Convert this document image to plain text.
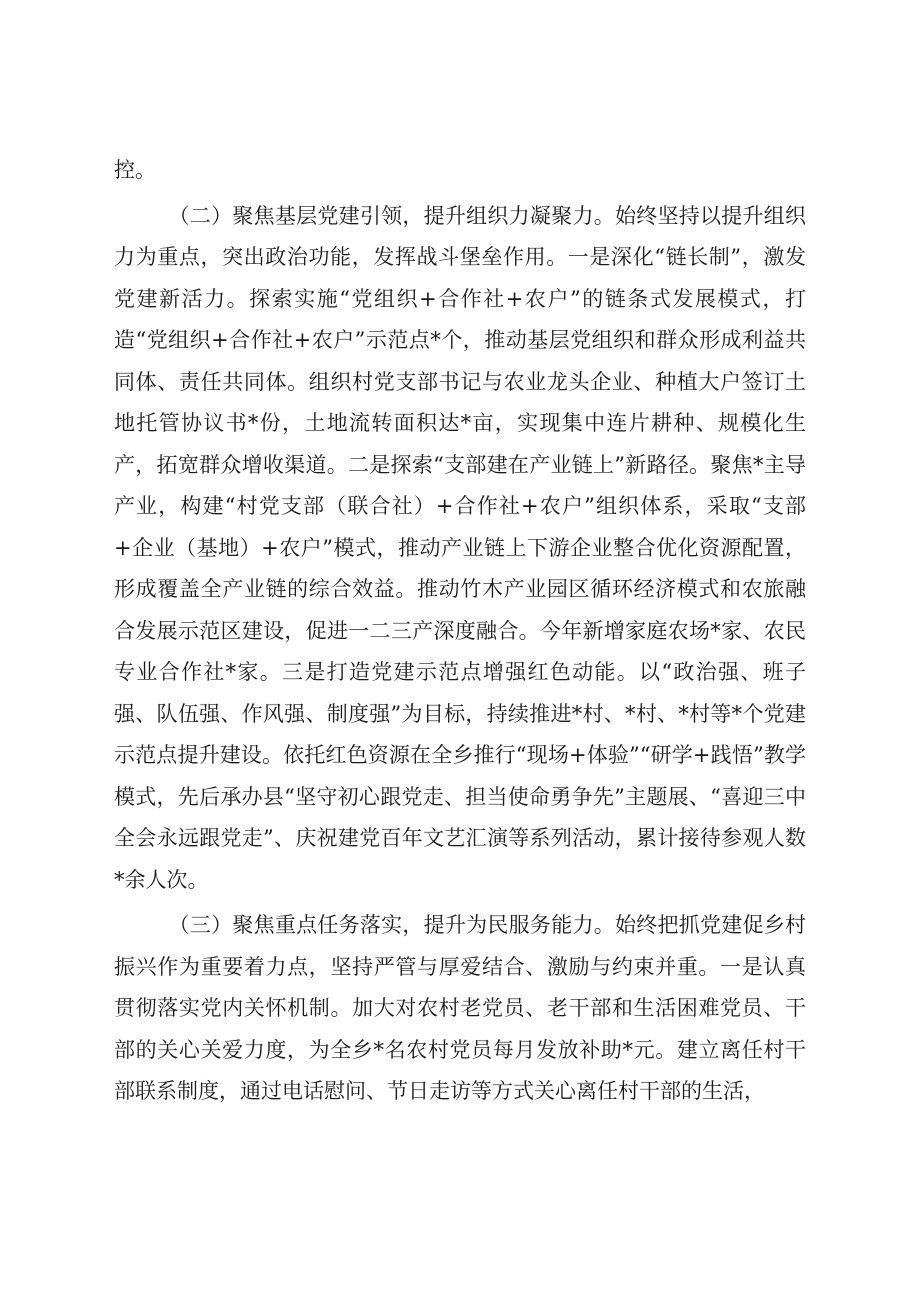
控。

（二）聚焦基层党建引领，提升组织力凝聚力。始终坚持以提升组织力为重点，突出政治功能，发挥战斗堡垒作用。一是深化“链长制”，激发党建新活力。探索实施“党组织+合作社+农户”的链条式发展模式，打造“党组织+合作社+农户”示范点*个，推动基层党组织和群众形成利益共同体、责任共同体。组织村党支部书记与农业龙头企业、种植大户签订土地托管协议书*份，土地流转面积达*亩，实现集中连片耕种、规模化生产，拓宽群众增收渠道。二是探索“支部建在产业链上”新路径。聚焦*主导产业，构建“村党支部（联合社）+合作社+农户”组织体系，采取“支部+企业（基地）+农户”模式，推动产业链上下游企业整合优化资源配置，形成覆盖全产业链的综合效益。推动竹木产业园区循环经济模式和农旅融合发展示范区建设，促进一二三产深度融合。今年新增家庭农场*家、农民专业合作社*家。三是打造党建示范点增强红色动能。以“政治强、班子强、队伍强、作风强、制度强”为目标，持续推进*村、*村、*村等*个党建示范点提升建设。依托红色资源在全乡推行“现场+体验”“研学+践悟”教学模式，先后承办县“坚守初心跟党走、担当使命勇争先”主题展、“喜迎三中全会永远跟党走”、庆祝建党百年文艺汇演等系列活动，累计接待参观人数*余人次。

（三）聚焦重点任务落实，提升为民服务能力。始终把抓党建促乡村振兴作为重要着力点，坚持严管与厚爱结合、激励与约束并重。一是认真贯彻落实党内关怀机制。加大对农村老党员、老干部和生活困难党员、干部的关心关爱力度，为全乡*名农村党员每月发放补助*元。建立离任村干部联系制度，通过电话慰问、节日走访等方式关心离任村干部的生活，
